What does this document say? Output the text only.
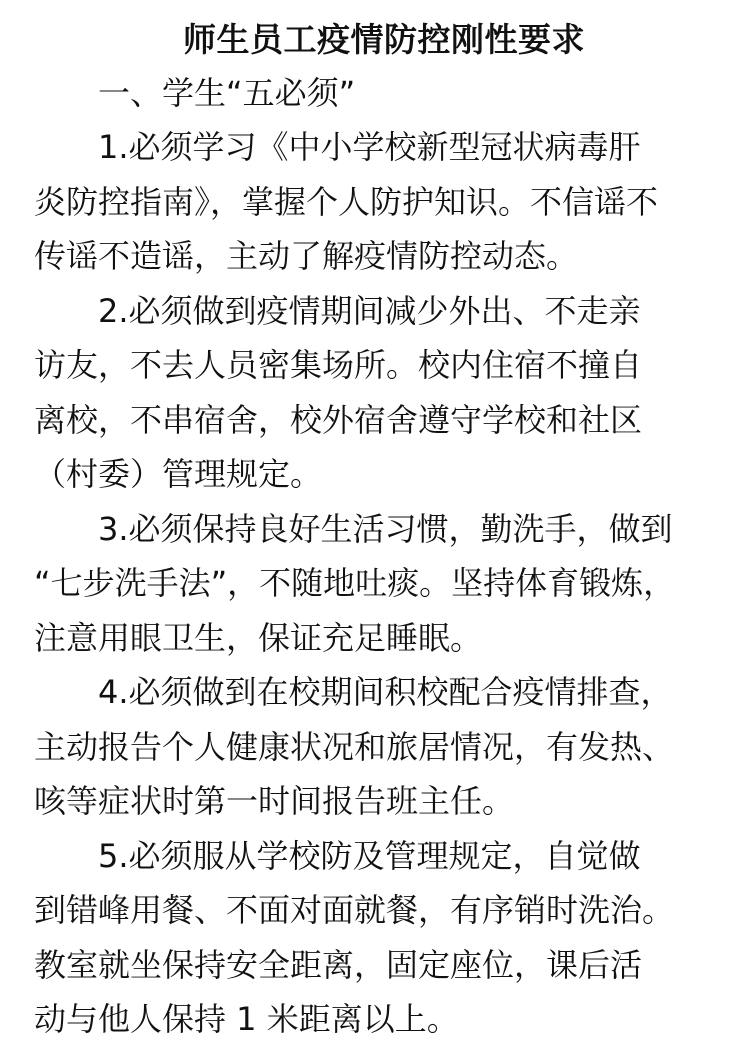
师生员工疫情防控刚性要求
一、学生“五必须”
1.必须学习《中小学校新型冠状病毒肝
炎防控指南》，掌握个人防护知识。不信谣不
传谣不造谣，主动了解疫情防控动态。
2.必须做到疫情期间减少外出、不走亲
访友，不去人员密集场所。校内住宿不撞自
离校，不串宿舍，校外宿舍遵守学校和社区
（村委）管理规定。
3.必须保持良好生活习惯，勤洗手，做到
“七步洗手法”，不随地吐痰。坚持体育锻炼，
注意用眼卫生，保证充足睡眠。
4.必须做到在校期间积校配合疫情排查，
主动报告个人健康状况和旅居情况，有发热、
咳等症状时第一时间报告班主任。
5.必须服从学校防及管理规定，自觉做
到错峰用餐、不面对面就餐，有序销时洗治。
教室就坐保持安全距离，固定座位，课后活
动与他人保持 1 米距离以上。
